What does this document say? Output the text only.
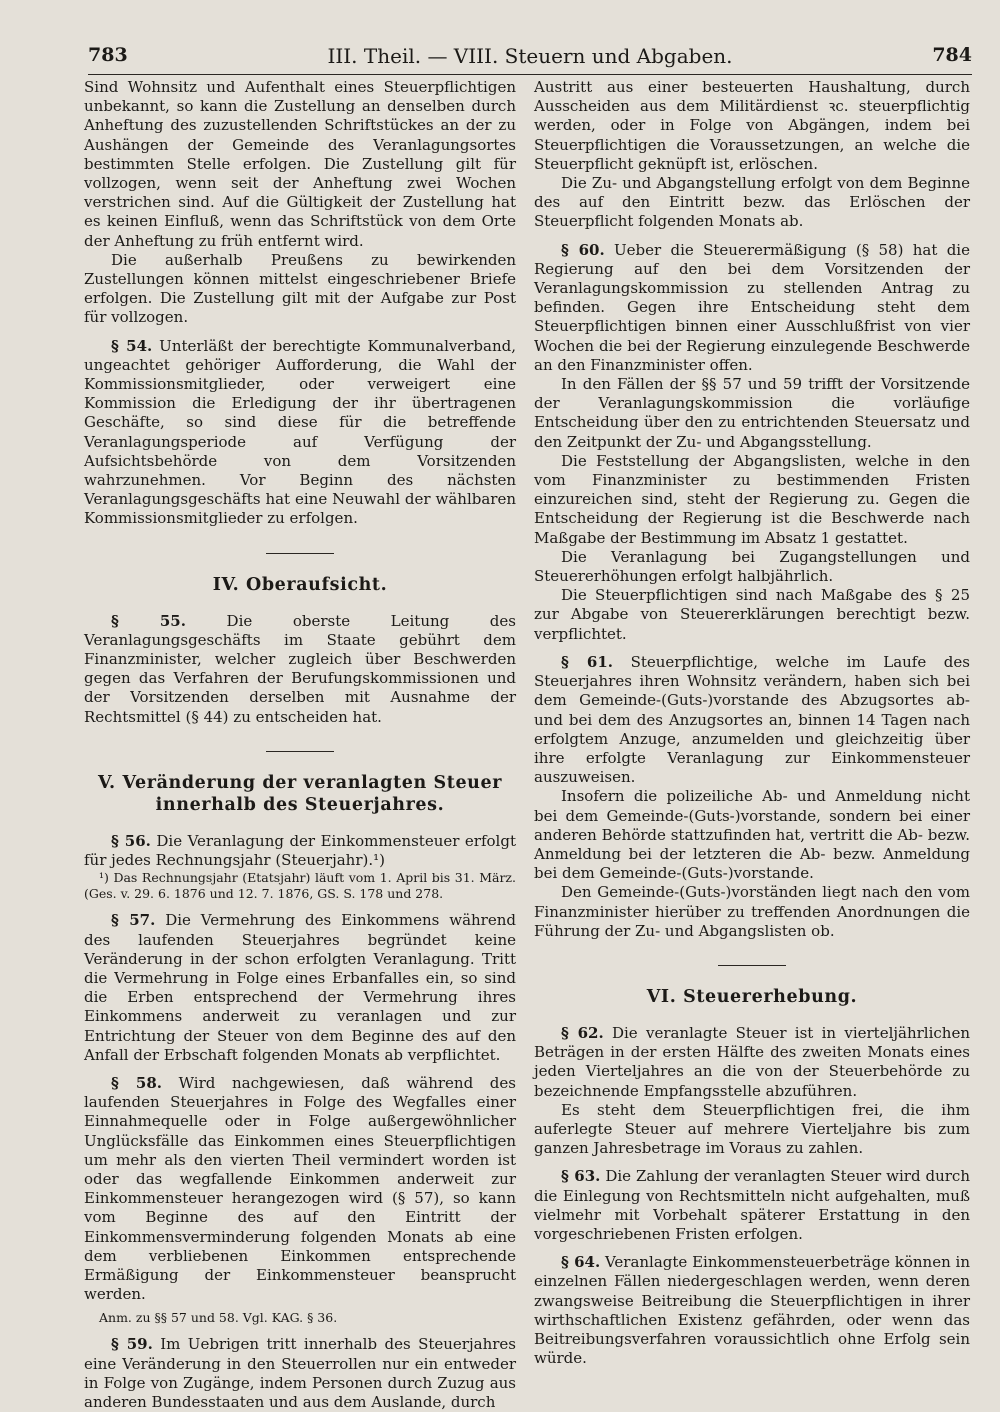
783	III. Theil. — VIII. Steuern und Abgaben.	784

Sind Wohnsitz und Aufenthalt eines Steuerpflichtigen unbekannt, so kann die Zustellung an denselben durch Anheftung des zuzustellenden Schriftstückes an der zu Aushängen der Gemeinde des Veranlagungsortes bestimmten Stelle erfolgen. Die Zustellung gilt für vollzogen, wenn seit der Anheftung zwei Wochen verstrichen sind. Auf die Gültigkeit der Zustellung hat es keinen Einfluß, wenn das Schriftstück von dem Orte der Anheftung zu früh entfernt wird.

Die außerhalb Preußens zu bewirkenden Zustellungen können mittelst eingeschriebener Briefe erfolgen. Die Zustellung gilt mit der Aufgabe zur Post für vollzogen.

§ 54. Unterläßt der berechtigte Kommunalverband, ungeachtet gehöriger Aufforderung, die Wahl der Kommissionsmitglieder, oder verweigert eine Kommission die Erledigung der ihr übertragenen Geschäfte, so sind diese für die betreffende Veranlagungsperiode auf Verfügung der Aufsichtsbehörde von dem Vorsitzenden wahrzunehmen. Vor Beginn des nächsten Veranlagungsgeschäfts hat eine Neuwahl der wählbaren Kommissionsmitglieder zu erfolgen.

IV. Oberaufsicht.

§ 55.	Die oberste Leitung des Veranlagungsgeschäfts im Staate gebührt dem Finanzminister, welcher zugleich über Beschwerden gegen das Verfahren der Berufungskommissionen und der Vorsitzenden derselben mit Ausnahme der Rechtsmittel (§ 44) zu entscheiden hat.

V. Veränderung der veranlagten Steuer innerhalb des Steuerjahres.

§ 56. Die Veranlagung der Einkommensteuer erfolgt für jedes Rechnungsjahr (Steuerjahr).¹)

¹) Das Rechnungsjahr (Etatsjahr) läuft vom 1. April bis 31. März. (Ges. v. 29. 6. 1876 und 12. 7. 1876, GS. S. 178 und 278.

§ 57. Die Vermehrung des Einkommens während des laufenden Steuerjahres begründet keine Veränderung in der schon erfolgten Veranlagung. Tritt die Vermehrung in Folge eines Erbanfalles ein, so sind die Erben entsprechend der Vermehrung ihres Einkommens anderweit zu veranlagen und zur Entrichtung der Steuer von dem Beginne des auf den Anfall der Erbschaft folgenden Monats ab verpflichtet.

§ 58. Wird nachgewiesen, daß während des laufenden Steuerjahres in Folge des Wegfalles einer Einnahmequelle oder in Folge außergewöhnlicher Unglücksfälle das Einkommen eines Steuerpflichtigen um mehr als den vierten Theil vermindert worden ist oder das wegfallende Einkommen anderweit zur Einkommensteuer herangezogen wird (§ 57), so kann vom Beginne des auf den Eintritt der Einkommensverminderung folgenden Monats ab eine dem verbliebenen Einkommen entsprechende Ermäßigung der Einkommensteuer beansprucht werden.

Anm. zu §§ 57 und 58. Vgl. KAG. § 36.

§ 59. Im Uebrigen tritt innerhalb des Steuerjahres eine Veränderung in den Steuerrollen nur ein entweder in Folge von Zugänge, indem Personen durch Zuzug aus anderen Bundesstaaten und aus dem Auslande, durch

Austritt aus einer besteuerten Haushaltung, durch Ausscheiden aus dem Militärdienst ꝛc. steuerpflichtig werden, oder in Folge von Abgängen, indem bei Steuerpflichtigen die Voraussetzungen, an welche die Steuerpflicht geknüpft ist, erlöschen.

Die Zu- und Abgangstellung erfolgt von dem Beginne des auf den Eintritt bezw. das Erlöschen der Steuerpflicht folgenden Monats ab.

§ 60. Ueber die Steuerermäßigung (§ 58) hat die Regierung auf den bei dem Vorsitzenden der Veranlagungskommission zu stellenden Antrag zu befinden. Gegen ihre Entscheidung steht dem Steuerpflichtigen binnen einer Ausschlußfrist von vier Wochen die bei der Regierung einzulegende Beschwerde an den Finanzminister offen.

In den Fällen der §§ 57 und 59 trifft der Vorsitzende der Veranlagungskommission die vorläufige Entscheidung über den zu entrichtenden Steuersatz und den Zeitpunkt der Zu- und Abgangsstellung.

Die Feststellung der Abgangslisten, welche in den vom Finanzminister zu bestimmenden Fristen einzureichen sind, steht der Regierung zu. Gegen die Entscheidung der Regierung ist die Beschwerde nach Maßgabe der Bestimmung im Absatz 1 gestattet.

Die Veranlagung bei Zugangstellungen und Steuererhöhungen erfolgt halbjährlich.

Die Steuerpflichtigen sind nach Maßgabe des § 25 zur Abgabe von Steuererklärungen berechtigt bezw. verpflichtet.

§ 61. Steuerpflichtige, welche im Laufe des Steuerjahres ihren Wohnsitz verändern, haben sich bei dem Gemeinde-(Guts-)vorstande des Abzugsortes ab- und bei dem des Anzugsortes an, binnen 14 Tagen nach erfolgtem Anzuge, anzumelden und gleichzeitig über ihre erfolgte Veranlagung zur Einkommensteuer auszuweisen.

Insofern die polizeiliche Ab- und Anmeldung nicht bei dem Gemeinde-(Guts-)vorstande, sondern bei einer anderen Behörde stattzufinden hat, vertritt die Ab- bezw. Anmeldung bei der letzteren die Ab- bezw. Anmeldung bei dem Gemeinde-(Guts-)vorstande.

Den Gemeinde-(Guts-)vorständen liegt nach den vom Finanzminister hierüber zu treffenden Anordnungen die Führung der Zu- und Abgangslisten ob.

VI. Steuererhebung.

§ 62. Die veranlagte Steuer ist in vierteljährlichen Beträgen in der ersten Hälfte des zweiten Monats eines jeden Vierteljahres an die von der Steuerbehörde zu bezeichnende Empfangsstelle abzuführen.

Es steht dem Steuerpflichtigen frei, die ihm auferlegte Steuer auf mehrere Vierteljahre bis zum ganzen Jahresbetrage im Voraus zu zahlen.

§ 63. Die Zahlung der veranlagten Steuer wird durch die Einlegung von Rechtsmitteln nicht aufgehalten, muß vielmehr mit Vorbehalt späterer Erstattung in den vorgeschriebenen Fristen erfolgen.

§ 64. Veranlagte Einkommensteuerbeträge können in einzelnen Fällen niedergeschlagen werden, wenn deren zwangsweise Beitreibung die Steuerpflichtigen in ihrer wirthschaftlichen Existenz gefährden, oder wenn das Beitreibungsverfahren voraussichtlich ohne Erfolg sein würde.
